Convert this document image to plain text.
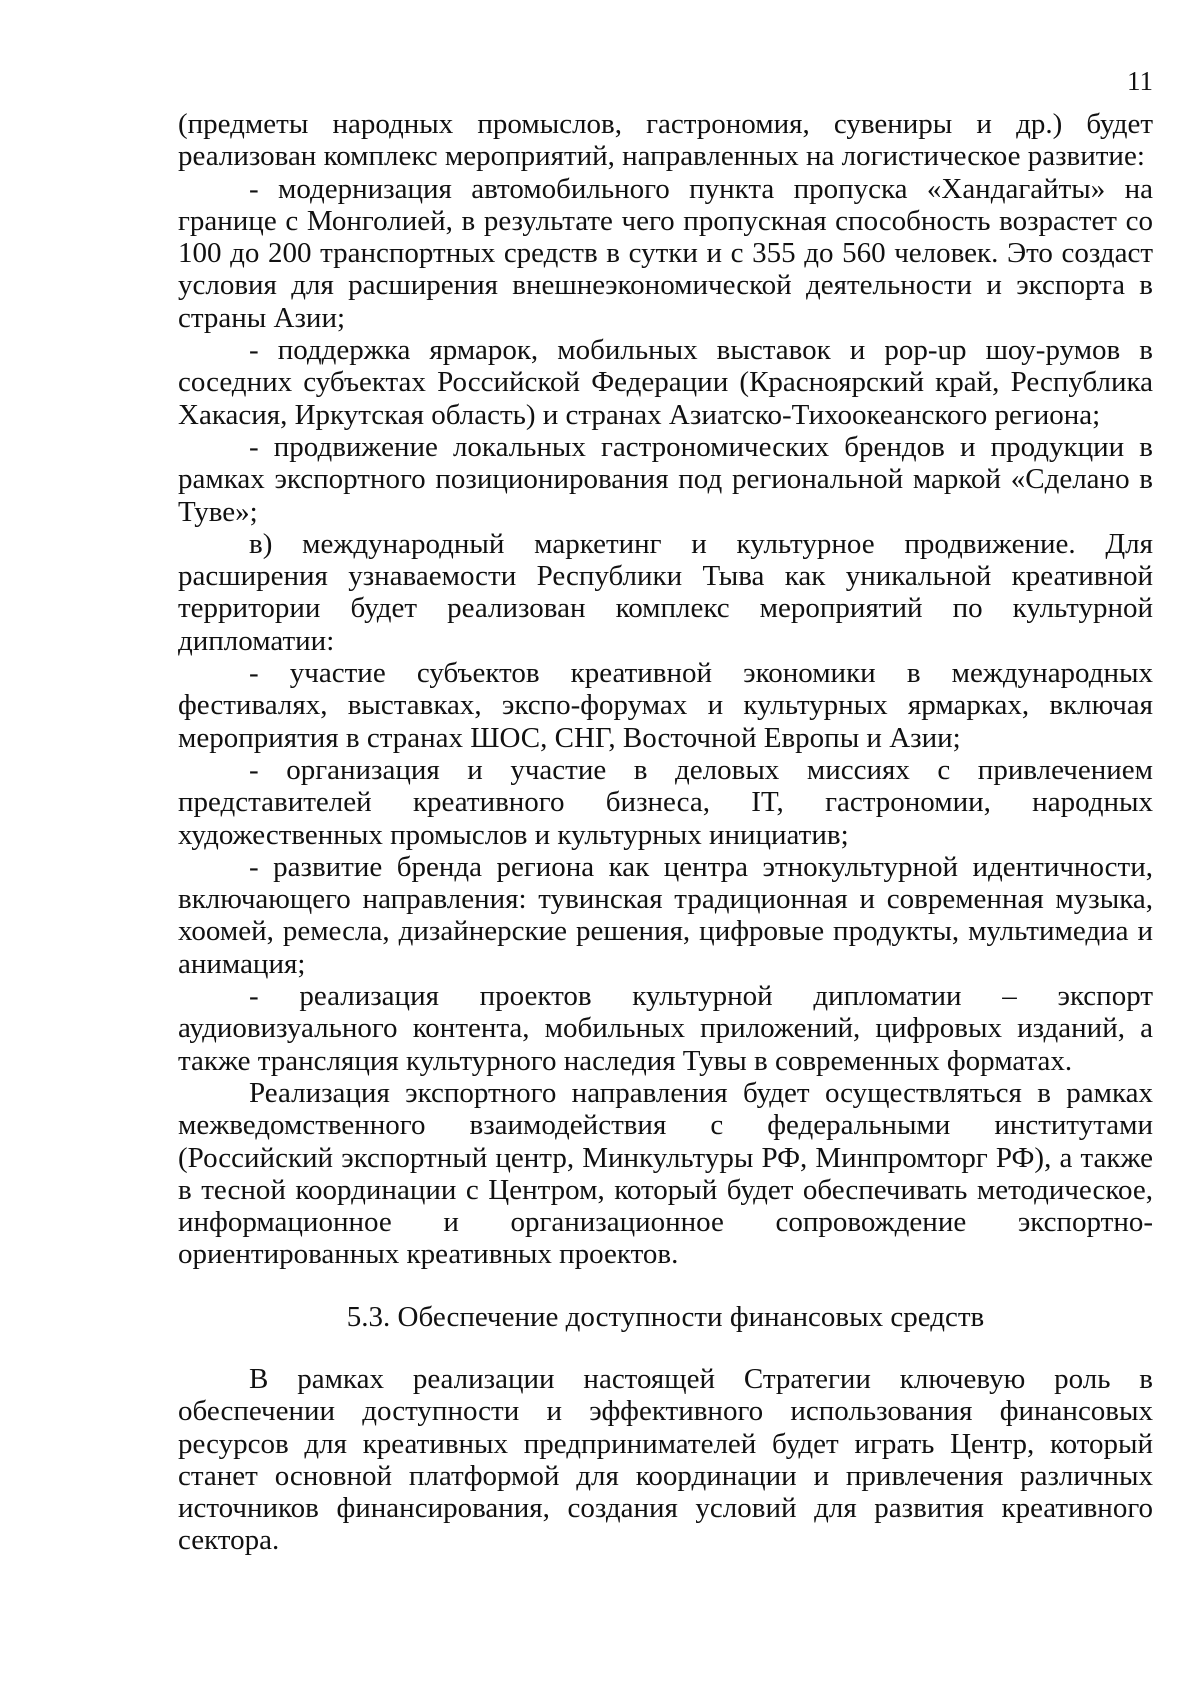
11

(предметы народных промыслов, гастрономия, сувениры и др.) будет реализован комплекс мероприятий, направленных на логистическое развитие:

- модернизация автомобильного пункта пропуска «Хандагайты» на границе с Монголией, в результате чего пропускная способность возрастет со 100 до 200 транспортных средств в сутки и с 355 до 560 человек. Это создаст условия для расширения внешнеэкономической деятельности и экспорта в страны Азии;

- поддержка ярмарок, мобильных выставок и pop-up шоу-румов в соседних субъектах Российской Федерации (Красноярский край, Республика Хакасия, Иркутская область) и странах Азиатско-Тихоокеанского региона;

- продвижение локальных гастрономических брендов и продукции в рамках экспортного позиционирования под региональной маркой «Сделано в Туве»;

в) международный маркетинг и культурное продвижение. Для расширения узнаваемости Республики Тыва как уникальной креативной территории будет реализован комплекс мероприятий по культурной дипломатии:

- участие субъектов креативной экономики в международных фестивалях, выставках, экспо-форумах и культурных ярмарках, включая мероприятия в странах ШОС, СНГ, Восточной Европы и Азии;

- организация и участие в деловых миссиях с привлечением представителей креативного бизнеса, IT, гастрономии, народных художественных промыслов и культурных инициатив;

- развитие бренда региона как центра этнокультурной идентичности, включающего направления: тувинская традиционная и современная музыка, хоомей, ремесла, дизайнерские решения, цифровые продукты, мультимедиа и анимация;

- реализация проектов культурной дипломатии – экспорт аудиовизуального контента, мобильных приложений, цифровых изданий, а также трансляция культурного наследия Тувы в современных форматах.

Реализация экспортного направления будет осуществляться в рамках межведомственного взаимодействия с федеральными институтами (Российский экспортный центр, Минкультуры РФ, Минпромторг РФ), а также в тесной координации с Центром, который будет обеспечивать методическое, информационное и организационное сопровождение экспортно-ориентированных креативных проектов.

5.3. Обеспечение доступности финансовых средств

В рамках реализации настоящей Стратегии ключевую роль в обеспечении доступности и эффективного использования финансовых ресурсов для креативных предпринимателей будет играть Центр, который станет основной платформой для координации и привлечения различных источников финансирования, создания условий для развития креативного сектора.
